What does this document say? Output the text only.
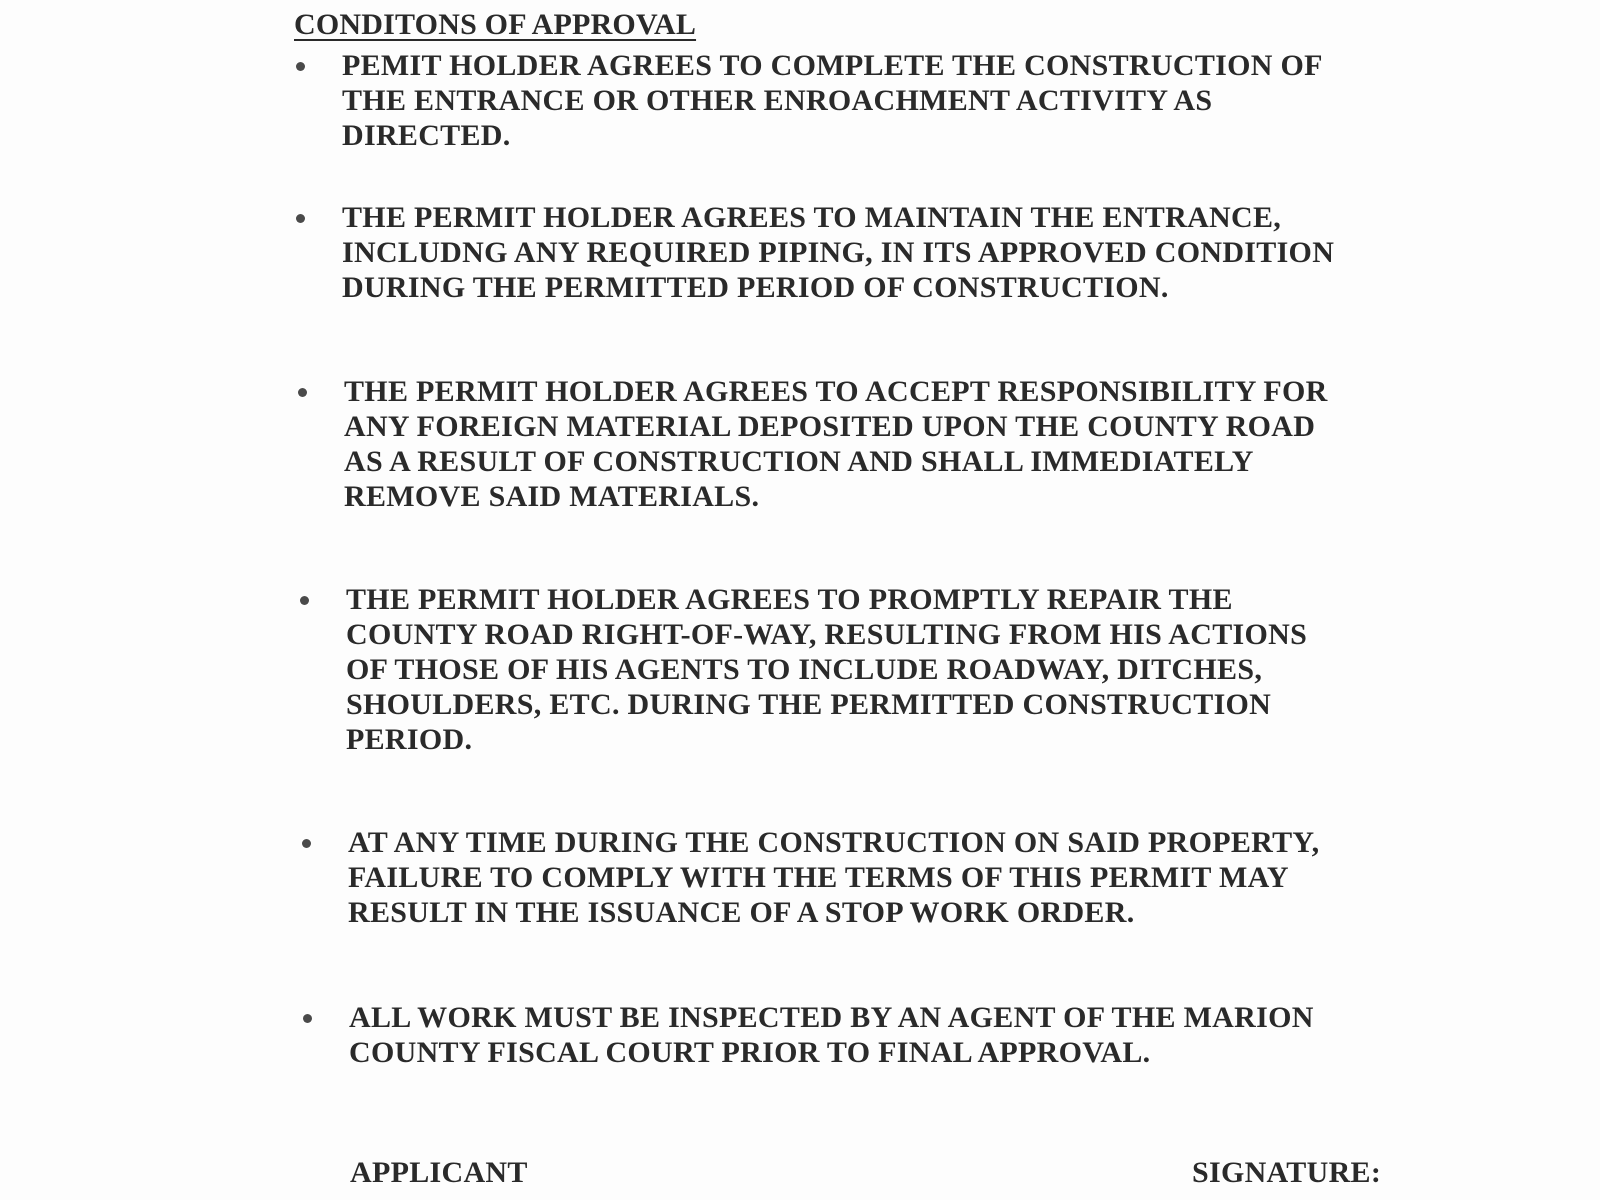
CONDITONS OF APPROVAL
PEMIT HOLDER AGREES TO COMPLETE THE CONSTRUCTION OF
THE ENTRANCE OR OTHER ENROACHMENT ACTIVITY AS
DIRECTED.
THE PERMIT HOLDER AGREES TO MAINTAIN THE ENTRANCE,
INCLUDNG ANY REQUIRED PIPING, IN ITS APPROVED CONDITION
DURING THE PERMITTED PERIOD OF CONSTRUCTION.
THE PERMIT HOLDER AGREES TO ACCEPT RESPONSIBILITY FOR
ANY FOREIGN MATERIAL DEPOSITED UPON THE COUNTY ROAD
AS A RESULT OF CONSTRUCTION AND SHALL IMMEDIATELY
REMOVE SAID MATERIALS.
THE PERMIT HOLDER AGREES TO PROMPTLY REPAIR THE
COUNTY ROAD RIGHT-OF-WAY, RESULTING FROM HIS ACTIONS
OF THOSE OF HIS AGENTS TO INCLUDE ROADWAY, DITCHES,
SHOULDERS, ETC. DURING THE PERMITTED CONSTRUCTION
PERIOD.
AT ANY TIME DURING THE CONSTRUCTION ON SAID PROPERTY,
FAILURE TO COMPLY WITH THE TERMS OF THIS PERMIT MAY
RESULT IN THE ISSUANCE OF A STOP WORK ORDER.
ALL WORK MUST BE INSPECTED BY AN AGENT OF THE MARION
COUNTY FISCAL COURT PRIOR TO FINAL APPROVAL.
APPLICANT	SIGNATURE:
